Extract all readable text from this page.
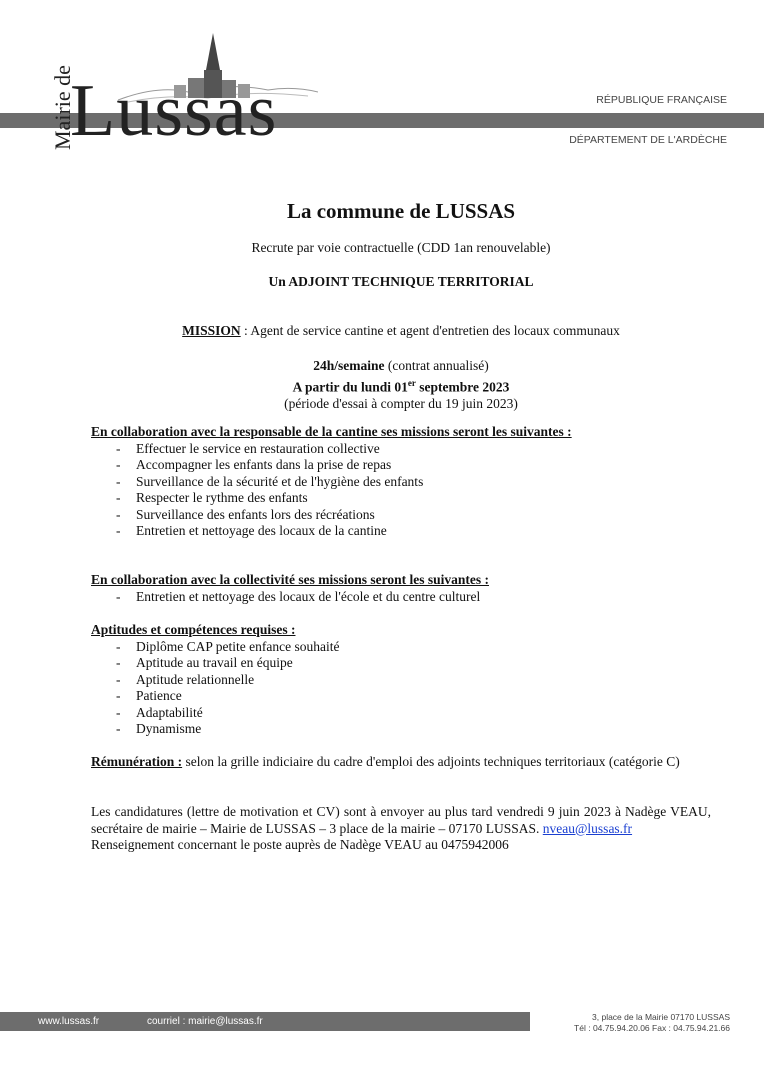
Mairie de
Lussas	RÉPUBLIQUE FRANÇAISE
DÉPARTEMENT DE L'ARDÈCHE
La commune de LUSSAS
Recrute par voie contractuelle (CDD 1an renouvelable)
Un ADJOINT TECHNIQUE TERRITORIAL
MISSION : Agent de service cantine et agent d'entretien des locaux communaux
24h/semaine (contrat annualisé)
A partir du lundi 01er septembre 2023
(période d'essai à compter du 19 juin 2023)
En collaboration avec la responsable de la cantine ses missions seront les suivantes :
- Effectuer le service en restauration collective
- Accompagner les enfants dans la prise de repas
- Surveillance de la sécurité et de l'hygiène des enfants
- Respecter le rythme des enfants
- Surveillance des enfants lors des récréations
- Entretien et nettoyage des locaux de la cantine
En collaboration avec la collectivité ses missions seront les suivantes :
- Entretien et nettoyage des locaux de l'école et du centre culturel
Aptitudes et compétences requises :
- Diplôme CAP petite enfance souhaité
- Aptitude au travail en équipe
- Aptitude relationnelle
- Patience
- Adaptabilité
- Dynamisme
Rémunération : selon la grille indiciaire du cadre d'emploi des adjoints techniques territoriaux (catégorie C)
Les candidatures (lettre de motivation et CV) sont à envoyer au plus tard vendredi 9 juin 2023 à Nadège VEAU, secrétaire de mairie – Mairie de LUSSAS – 3 place de la mairie – 07170 LUSSAS. nveau@lussas.fr
Renseignement concernant le poste auprès de Nadège VEAU au 0475942006
www.lussas.fr	courriel : mairie@lussas.fr	3, place de la Mairie 07170 LUSSAS
Tél : 04.75.94.20.06 Fax : 04.75.94.21.66
